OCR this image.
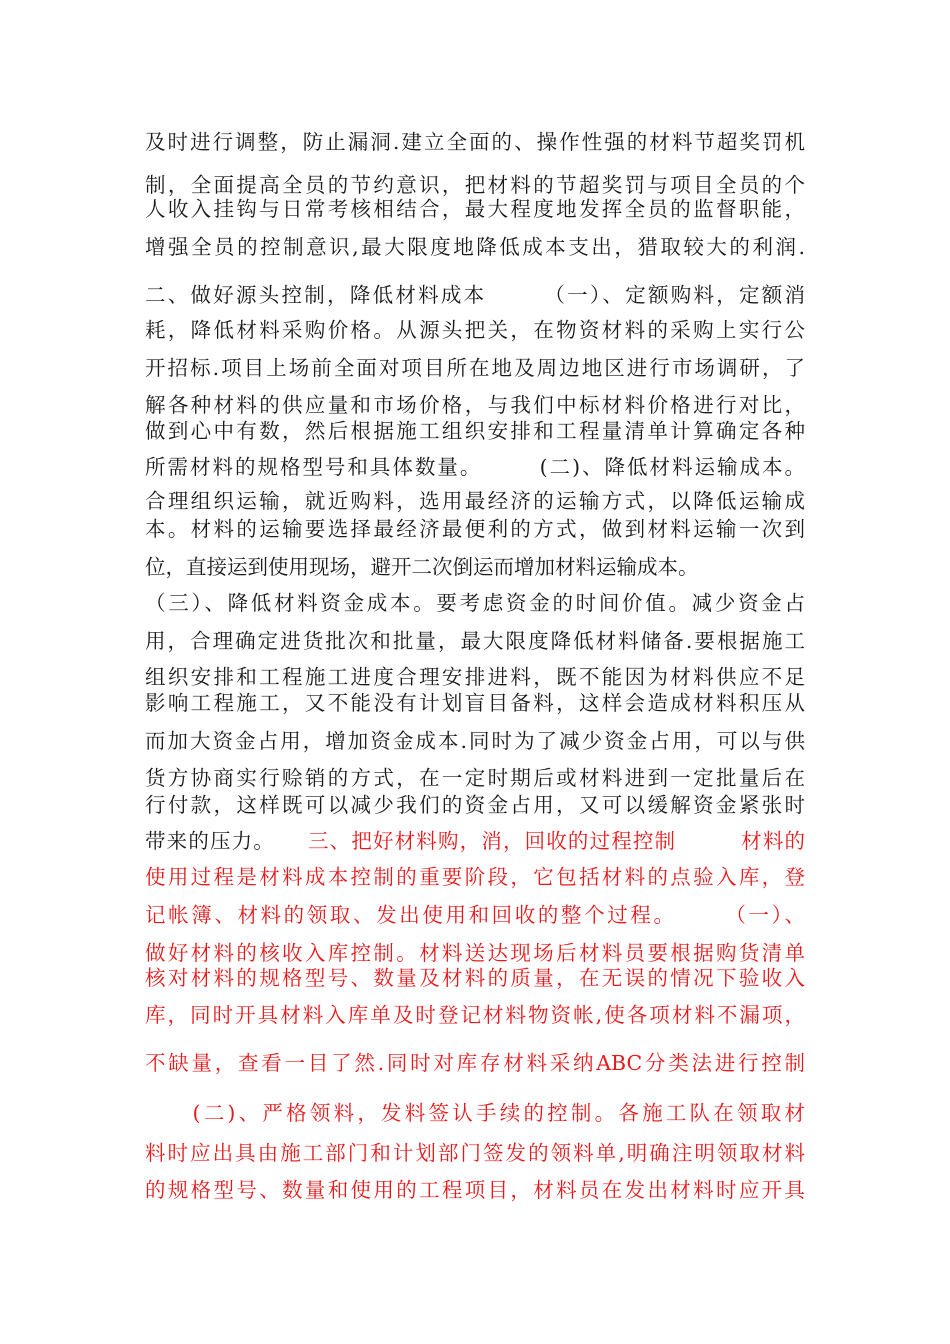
及时进行调整，防止漏洞.建立全面的、操作性强的材料节超奖罚机
制，全面提高全员的节约意识，把材料的节超奖罚与项目全员的个
人收入挂钩与日常考核相结合，最大程度地发挥全员的监督职能，
增强全员的控制意识,最大限度地降低成本支出，猎取较大的利润.
二、做好源头控制，降低材料成本　　　（一）、定额购料，定额消
耗，降低材料采购价格。从源头把关，在物资材料的采购上实行公
开招标.项目上场前全面对项目所在地及周边地区进行市场调研，了
解各种材料的供应量和市场价格，与我们中标材料价格进行对比，
做到心中有数，然后根据施工组织安排和工程量清单计算确定各种
所需材料的规格型号和具体数量。　　　(二)、降低材料运输成本。
合理组织运输，就近购料，选用最经济的运输方式，以降低运输成
本。材料的运输要选择最经济最便利的方式，做到材料运输一次到
位，直接运到使用现场，避开二次倒运而增加材料运输成本。
（三）、降低材料资金成本。要考虑资金的时间价值。减少资金占
用，合理确定进货批次和批量，最大限度降低材料储备.要根据施工
组织安排和工程施工进度合理安排进料，既不能因为材料供应不足
影响工程施工，又不能没有计划盲目备料，这样会造成材料积压从
而加大资金占用，增加资金成本.同时为了减少资金占用，可以与供
货方协商实行赊销的方式，在一定时期后或材料进到一定批量后在
行付款，这样既可以减少我们的资金占用，又可以缓解资金紧张时
带来的压力。　　三、把好材料购，消，回收的过程控制　　　材料的
使用过程是材料成本控制的重要阶段，它包括材料的点验入库，登
记帐簿、材料的领取、发出使用和回收的整个过程。　　　（一）、
做好材料的核收入库控制。材料送达现场后材料员要根据购货清单
核对材料的规格型号、数量及材料的质量，在无误的情况下验收入
库，同时开具材料入库单及时登记材料物资帐,使各项材料不漏项，
不缺量，查看一目了然.同时对库存材料采纳ABC分类法进行控制
　　(二)、严格领料，发料签认手续的控制。各施工队在领取材
料时应出具由施工部门和计划部门签发的领料单,明确注明领取材料
的规格型号、数量和使用的工程项目，材料员在发出材料时应开具
